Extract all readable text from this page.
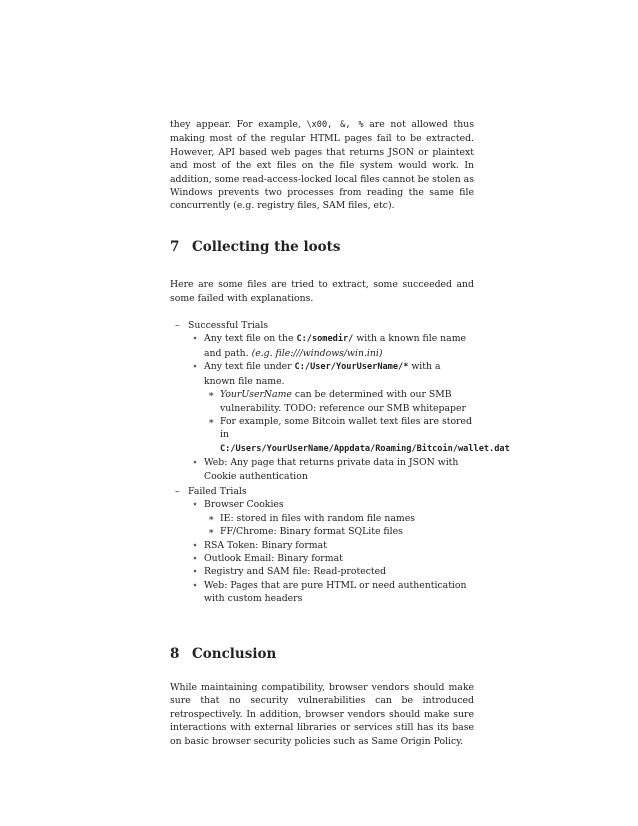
they appear. For example, \x00, &, % are not allowed thus making most of the regular HTML pages fail to be extracted. However, API based web pages that returns JSON or plaintext and most of the ext files on the file system would work. In addition, some read-access-locked local files cannot be stolen as Windows prevents two processes from reading the same file concurrently (e.g. registry files, SAM files, etc).

7 Collecting the loots

Here are some files are tried to extract, some succeeded and some failed with explanations.

– Successful Trials
⋆ Any text file on the C:/somedir/ with a known file name and path. (e.g. file:///windows/win.ini)
⋆ Any text file under C:/User/YourUserName/* with a known file name.
∗ YourUserName can be determined with our SMB vulnerability. TODO: reference our SMB whitepaper
∗ For example, some Bitcoin wallet text files are stored in
C:/Users/YourUserName/Appdata/Roaming/Bitcoin/wallet.dat
⋆ Web: Any page that returns private data in JSON with Cookie authentication
– Failed Trials
⋆ Browser Cookies
∗ IE: stored in files with random file names
∗ FF/Chrome: Binary format SQLite files
⋆ RSA Token: Binary format
⋆ Outlook Email: Binary format
⋆ Registry and SAM file: Read-protected
⋆ Web: Pages that are pure HTML or need authentication with custom headers
8 Conclusion

While maintaining compatibility, browser vendors should make sure that no security vulnerabilities can be introduced retrospectively. In addition, browser vendors should make sure interactions with external libraries or services still has its base on basic browser security policies such as Same Origin Policy.
